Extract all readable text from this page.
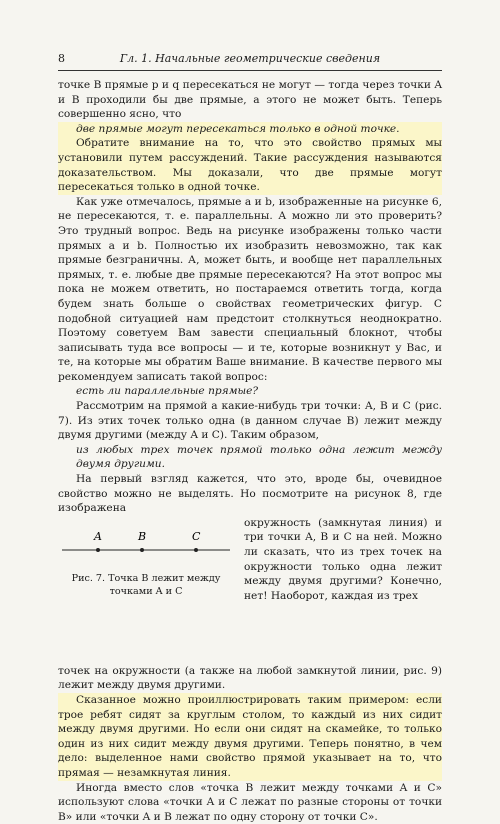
8	Гл. 1. Начальные геометрические сведения

точке B прямые p и q пересекаться не могут — тогда через точки A и B проходили бы две прямые, а этого не может быть. Теперь совершенно ясно, что

две прямые могут пересекаться только в одной точке.

Обратите внимание на то, что это свойство прямых мы установили путем рассуждений. Такие рассуждения называются доказательством. Мы доказали, что две прямые могут пересекаться только в одной точке.

Как уже отмечалось, прямые a и b, изображенные на рисунке 6, не пересекаются, т. е. параллельны. А можно ли это проверить? Это трудный вопрос. Ведь на рисунке изображены только части прямых a и b. Полностью их изобразить невозможно, так как прямые безграничны. А, может быть, и вообще нет параллельных прямых, т. е. любые две прямые пересекаются? На этот вопрос мы пока не можем ответить, но постараемся ответить тогда, когда будем знать больше о свойствах геометрических фигур. С подобной ситуацией нам предстоит столкнуться неоднократно. Поэтому советуем Вам завести специальный блокнот, чтобы записывать туда все вопросы — и те, которые возникнут у Вас, и те, на которые мы обратим Ваше внимание. В качестве первого мы рекомендуем записать такой вопрос:

есть ли параллельные прямые?

Рассмотрим на прямой a какие-нибудь три точки: A, B и C (рис. 7). Из этих точек только одна (в данном случае B) лежит между двумя другими (между A и C). Таким образом,

из любых трех точек прямой только одна лежит между двумя другими.

На первый взгляд кажется, что это, вроде бы, очевидное свойство можно не выделять. Но посмотрите на рисунок 8, где изображена

A	B	C
Рис. 7. Точка B лежит между точками A и C

окружность (замкнутая линия) и три точки A, B и C на ней. Можно ли сказать, что из трех точек на окружности только одна лежит между двумя другими? Конечно, нет! Наоборот, каждая из трех

точек на окружности (а также на любой замкнутой линии, рис. 9) лежит между двумя другими.

Сказанное можно проиллюстрировать таким примером: если трое ребят сидят за круглым столом, то каждый из них сидит между двумя другими. Но если они сидят на скамейке, то только один из них сидит между двумя другими. Теперь понятно, в чем дело: выделенное нами свойство прямой указывает на то, что прямая — незамкнутая линия.

Иногда вместо слов «точка B лежит между точками A и C» используют слова «точки A и C лежат по разные стороны от точки B» или «точки A и B лежат по одну сторону от точки C».
